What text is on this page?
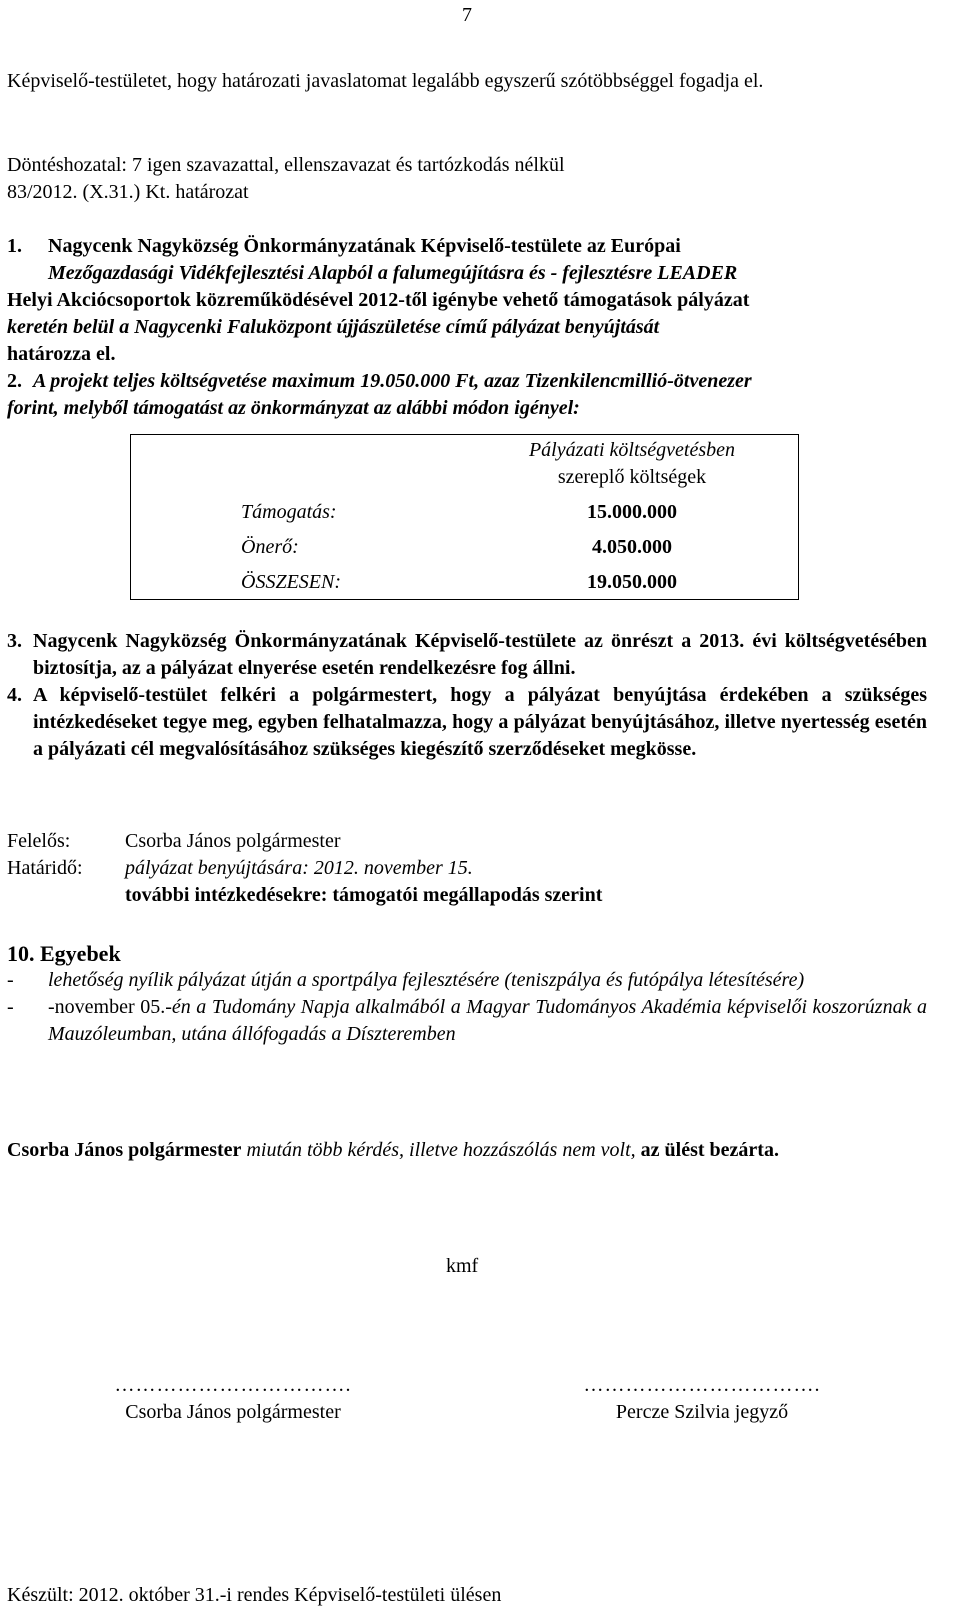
7
Képviselő-testületet, hogy határozati javaslatomat legalább egyszerű szótöbbséggel fogadja el.
Döntéshozatal: 7 igen szavazattal, ellenszavazat és tartózkodás nélkül
83/2012. (X.31.) Kt. határozat
1. Nagycenk Nagyközség Önkormányzatának Képviselő-testülete az Európai
Mezőgazdasági Vidékfejlesztési Alapból a falumegújításra és - fejlesztésre LEADER
Helyi Akciócsoportok közreműködésével 2012-től igénybe vehető támogatások pályázat
keretén belül a Nagycenki Faluközpont újjászületése című pályázat benyújtását
határozza el.
2. A projekt teljes költségvetése maximum 19.050.000 Ft, azaz Tizenkilencmillió-ötvenezer
forint, melyből támogatást az önkormányzat az alábbi módon igényel:
Pályázati költségvetésben
szereplő költségek
Támogatás:	15.000.000
Önerő:	4.050.000
ÖSSZESEN:	19.050.000
3. Nagycenk Nagyközség Önkormányzatának Képviselő-testülete az önrészt a 2013. évi költségvetésében biztosítja, az a pályázat elnyerése esetén rendelkezésre fog állni.
4. A képviselő-testület felkéri a polgármestert, hogy a pályázat benyújtása érdekében a szükséges intézkedéseket tegye meg, egyben felhatalmazza, hogy a pályázat benyújtásához, illetve nyertesség esetén a pályázati cél megvalósításához szükséges kiegészítő szerződéseket megkösse.
Felelős:	Csorba János polgármester
Határidő: pályázat benyújtására: 2012. november 15.
további intézkedésekre: támogatói megállapodás szerint
10. Egyebek
- lehetőség nyílik pályázat útján a sportpálya fejlesztésére (teniszpálya és futópálya létesítésére)
- -november 05.-én a Tudomány Napja alkalmából a Magyar Tudományos Akadémia képviselői koszorúznak a Mauzóleumban, utána állófogadás a Díszteremben
Csorba János polgármester miután több kérdés, illetve hozzászólás nem volt, az ülést bezárta.
kmf
…………………………….
Csorba János polgármester
…………………………….
Percze Szilvia jegyző
Készült: 2012. október 31.-i rendes Képviselő-testületi ülésen
